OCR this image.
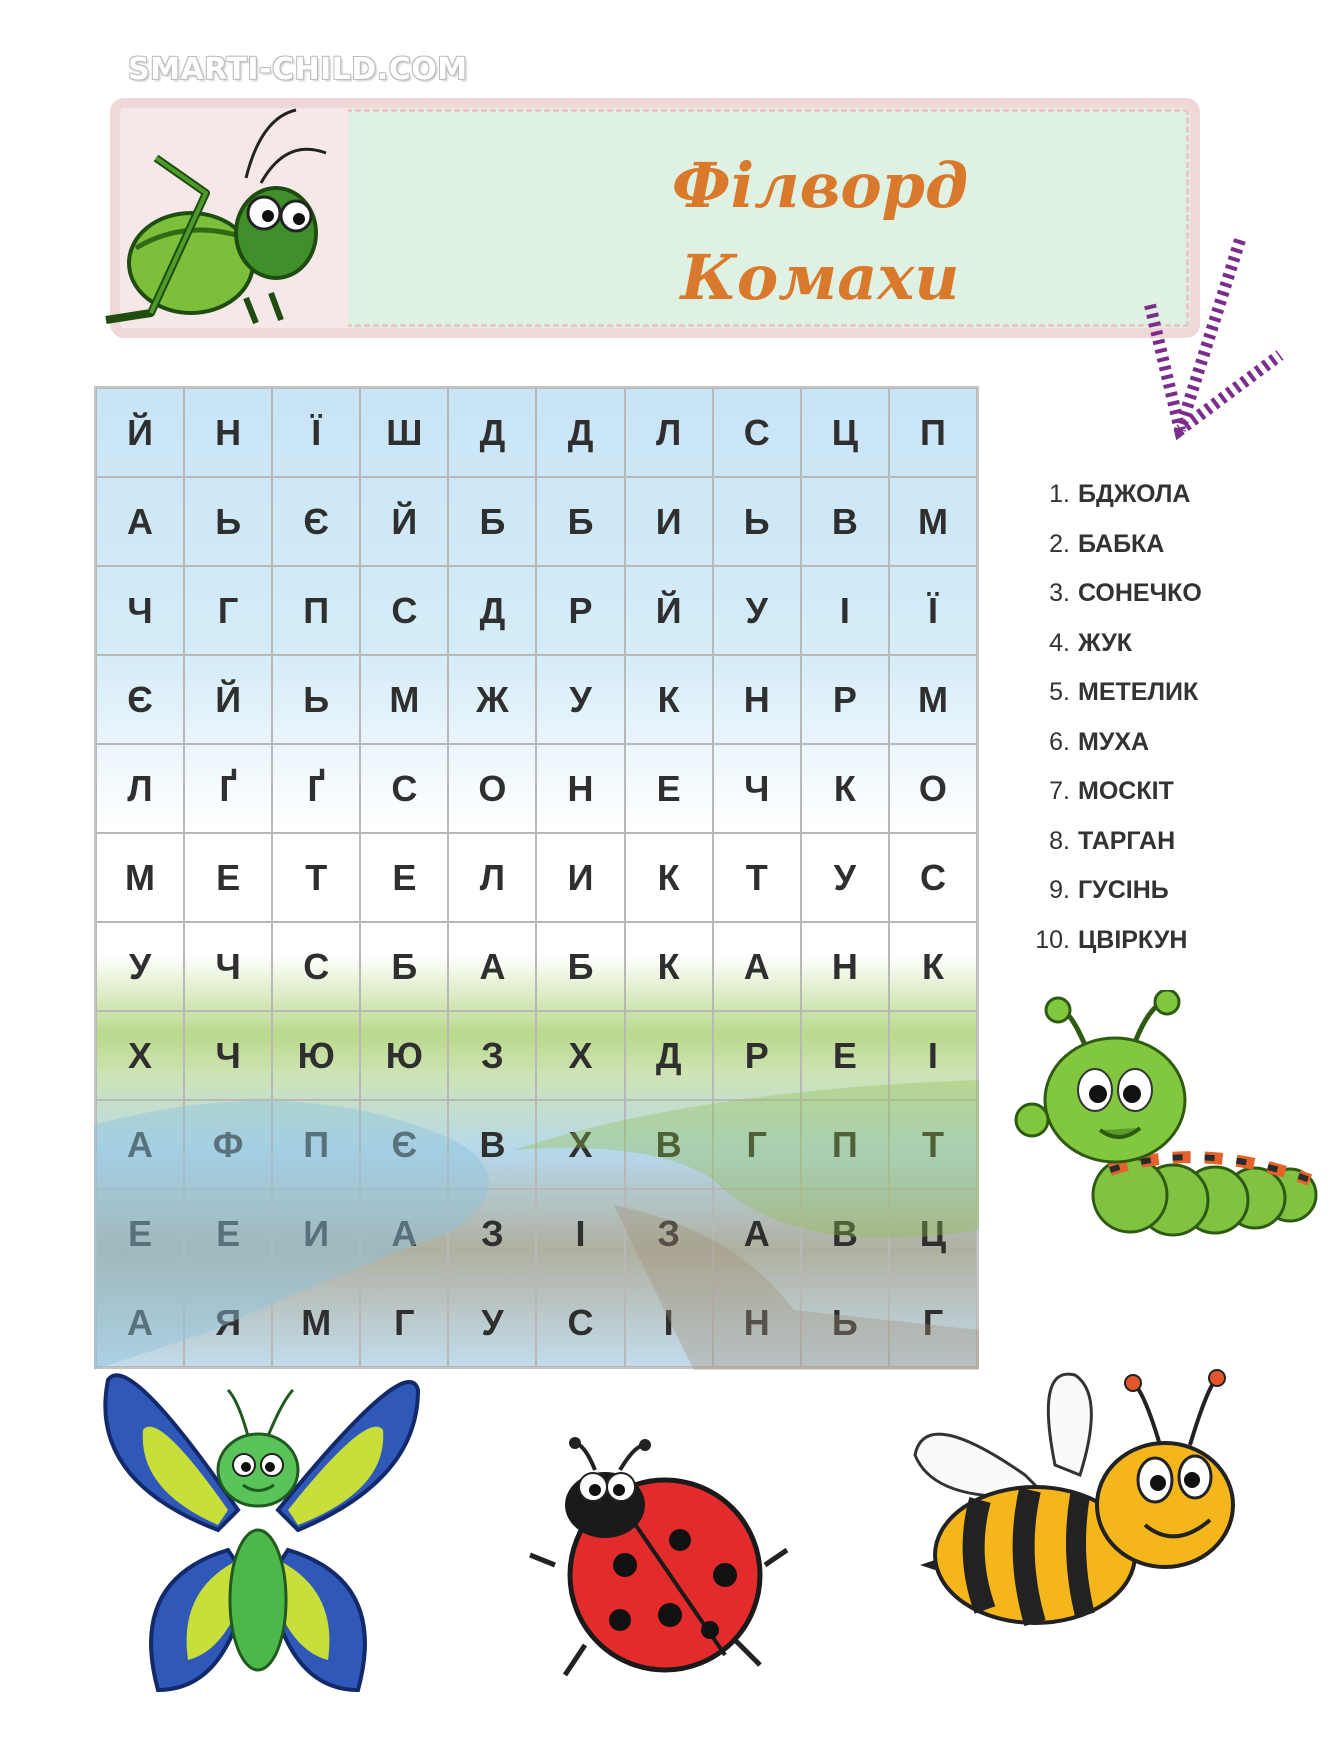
SMARTI-CHILD.COM
Філворд
Комахи
Й	Н	Ї	Ш	Д	Д	Л	С	Ц	П
А	Ь	Є	Й	Б	Б	И	Ь	В	М
Ч	Г	П	С	Д	Р	Й	У	І	Ї
Є	Й	Ь	М	Ж	У	К	Н	Р	М
Л	Ґ	Ґ	С	О	Н	Е	Ч	К	О
М	Е	Т	Е	Л	И	К	Т	У	С
У	Ч	С	Б	А	Б	К	А	Н	К
Х	Ч	Ю	Ю	З	Х	Д	Р	Е	І
А	Ф	П	Є	В	Х	В	Г	П	Т
Е	Е	И	А	З	І	З	А	В	Ц
А	Я	М	Г	У	С	І	Н	Ь	Г
1. БДЖОЛА
2. БАБКА
3. СОНЕЧКО
4. ЖУК
5. МЕТЕЛИК
6. МУХА
7. МОСКІТ
8. ТАРГАН
9. ГУСІНЬ
10. ЦВІРКУН
